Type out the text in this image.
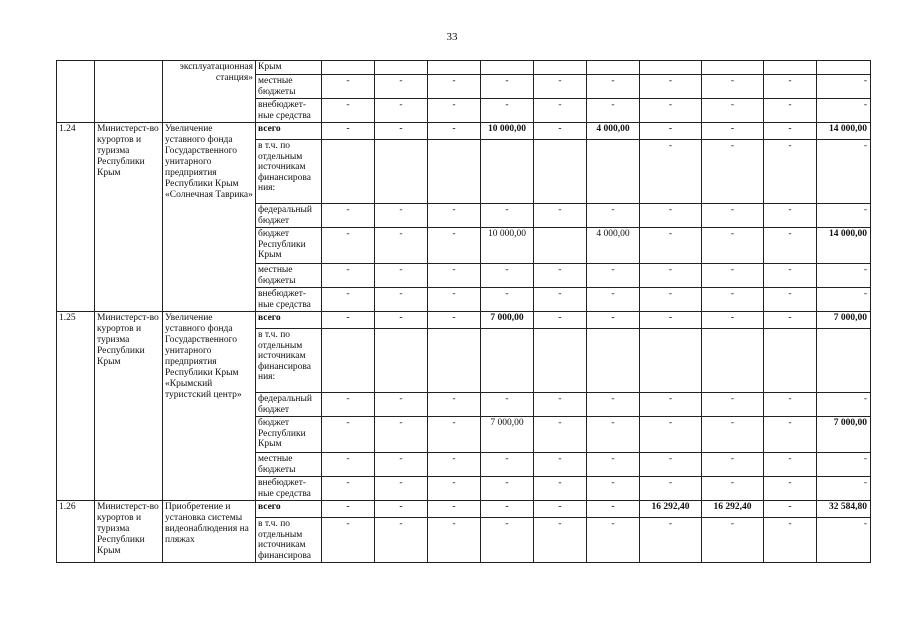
33
		эксплуатационная станция»	Крым										
			местные бюджеты	-	-	-	-	-	-	-	-	-	-
			внебюджет-ные средства	-	-	-	-	-	-	-	-	-	-
1.24	Министерст-во курортов и туризма Республики Крым	Увеличение уставного фонда Государственного унитарного предприятия Республики Крым «Солнечная Таврика»	всего	-	-	-	10 000,00	-	4 000,00	-	-	-	14 000,00
			в т.ч. по отдельным источникам финансирова ния:							-	-	-	-
			федеральный бюджет	-	-	-	-	-	-	-	-	-	-
			бюджет Республики Крым	-	-	-	10 000,00		4 000,00	-	-	-	14 000,00
			местные бюджеты	-	-	-	-	-	-	-	-	-	-
			внебюджет-ные средства	-	-	-	-	-	-	-	-	-	-
1.25	Министерст-во курортов и туризма Республики Крым	Увеличение уставного фонда Государственного унитарного предприятия Республики Крым «Крымский туристский центр»	всего	-	-	-	7 000,00	-	-	-	-	-	7 000,00
			в т.ч. по отдельным источникам финансирова ния:										
			федеральный бюджет	-	-	-	-	-	-	-	-	-	-
			бюджет Республики Крым	-	-	-	7 000,00	-	-	-	-	-	7 000,00
			местные бюджеты	-	-	-	-	-	-	-	-	-	-
			внебюджет-ные средства	-	-	-	-	-	-	-	-	-	-
1.26	Министерст-во курортов и туризма Республики Крым	Приобретение и установка системы видеонаблюдения на пляжах	всего	-	-	-	-	-	-	16 292,40	16 292,40	-	32 584,80
			в т.ч. по отдельным источникам финансирова	-	-	-	-	-	-	-	-	-	-
